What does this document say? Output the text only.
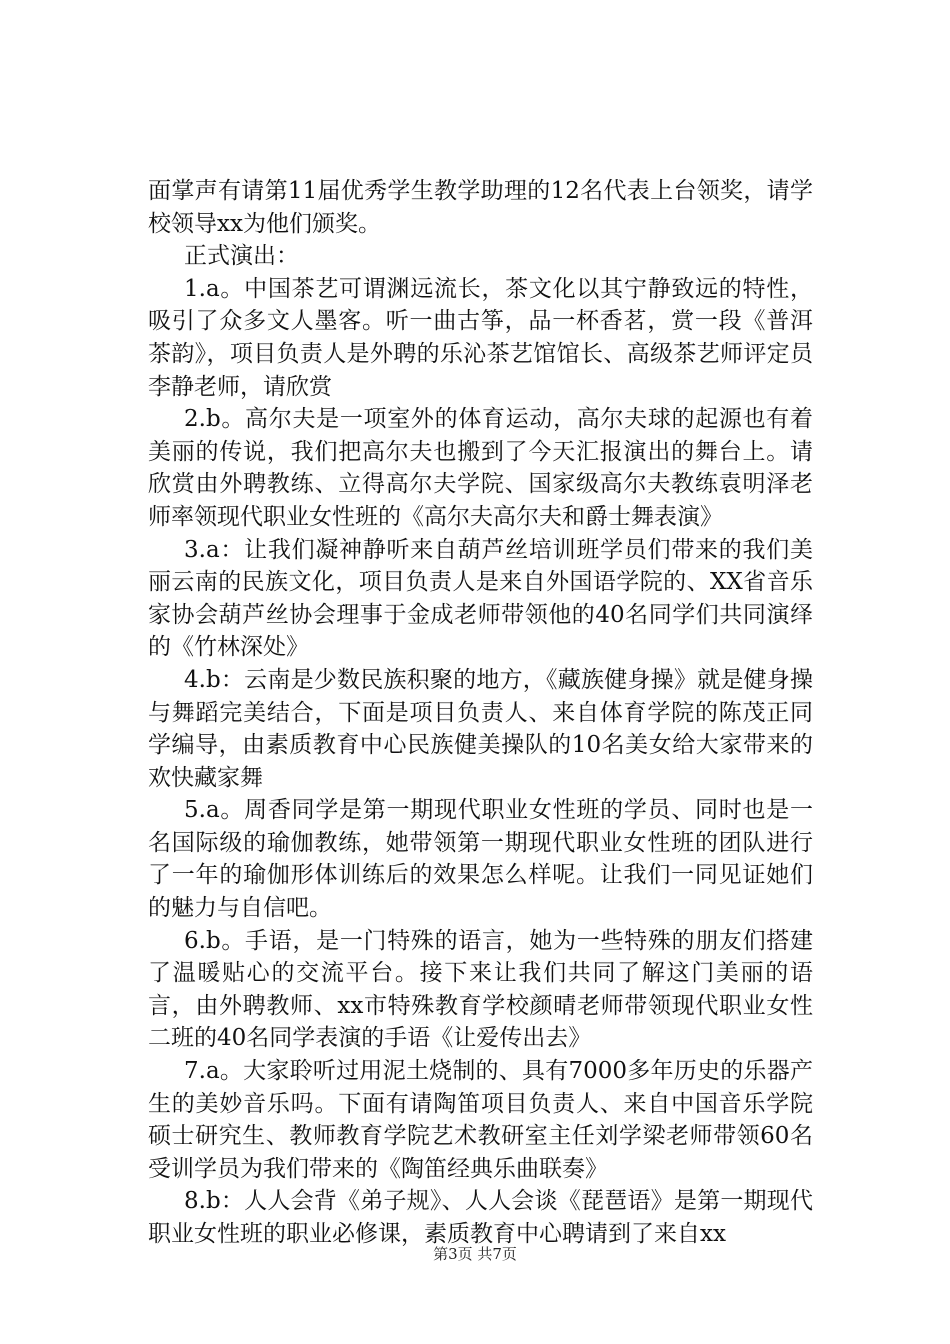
面掌声有请第11届优秀学生教学助理的12名代表上台领奖，请学校领导xx为他们颁奖。

正式演出：

1.a。中国茶艺可谓渊远流长，茶文化以其宁静致远的特性，吸引了众多文人墨客。听一曲古筝，品一杯香茗，赏一段《普洱茶韵》，项目负责人是外聘的乐沁茶艺馆馆长、高级茶艺师评定员李静老师，请欣赏

2.b。高尔夫是一项室外的体育运动，高尔夫球的起源也有着美丽的传说，我们把高尔夫也搬到了今天汇报演出的舞台上。请欣赏由外聘教练、立得高尔夫学院、国家级高尔夫教练袁明泽老师率领现代职业女性班的《高尔夫高尔夫和爵士舞表演》

3.a：让我们凝神静听来自葫芦丝培训班学员们带来的我们美丽云南的民族文化，项目负责人是来自外国语学院的、XX省音乐家协会葫芦丝协会理事于金成老师带领他的40名同学们共同演绎的《竹林深处》

4.b：云南是少数民族积聚的地方，《藏族健身操》就是健身操与舞蹈完美结合，下面是项目负责人、来自体育学院的陈茂正同学编导，由素质教育中心民族健美操队的10名美女给大家带来的欢快藏家舞

5.a。周香同学是第一期现代职业女性班的学员、同时也是一名国际级的瑜伽教练，她带领第一期现代职业女性班的团队进行了一年的瑜伽形体训练后的效果怎么样呢。让我们一同见证她们的魅力与自信吧。

6.b。手语，是一门特殊的语言，她为一些特殊的朋友们搭建了温暖贴心的交流平台。接下来让我们共同了解这门美丽的语言，由外聘教师、xx市特殊教育学校颜晴老师带领现代职业女性二班的40名同学表演的手语《让爱传出去》

7.a。大家聆听过用泥土烧制的、具有7000多年历史的乐器产生的美妙音乐吗。下面有请陶笛项目负责人、来自中国音乐学院硕士研究生、教师教育学院艺术教研室主任刘学梁老师带领60名受训学员为我们带来的《陶笛经典乐曲联奏》

8.b：人人会背《弟子规》、人人会谈《琵琶语》是第一期现代职业女性班的职业必修课，素质教育中心聘请到了来自xx

第3页 共7页
